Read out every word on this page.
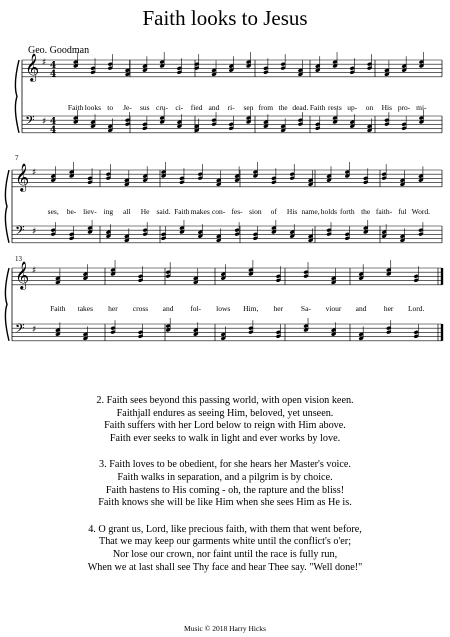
Faith looks to Jesus
Geo. Goodman
𝄞 ♯ 4
4
𝄢 ♯ 4
4
𝄞 ♯
𝄢 ♯
𝄞 ♯
𝄢 ♯
7
13
Faith looks to Je- sus cru- ci- fied and ri- sen from the dead. Faith rests up- on His pro- mi-
ses, be- liev- ing all He said. Faith makes con- fes- sion of His name, holds forth the faith- ful Word.
Faith takes her cross and fol- lows Him, her Sa- viour and her Lord.
2. Faith sees beyond this passing world, with open vision keen.
Faithjall endures as seeing Him, beloved, yet unseen.
Faith suffers with her Lord below to reign with Him above.
Faith ever seeks to walk in light and ever works by love.
3. Faith loves to be obedient, for she hears her Master's voice.
Faith walks in separation, and a pilgrim is by choice.
Faith hastens to His coming - oh, the rapture and the bliss!
Faith knows she will be like Him when she sees Him as He is.
4. O grant us, Lord, like precious faith, with them that went before,
That we may keep our garments white until the conflict's o'er;
Nor lose our crown, nor faint until the race is fully run,
When we at last shall see Thy face and hear Thee say. "Well done!"
Music © 2018 Harry Hicks
